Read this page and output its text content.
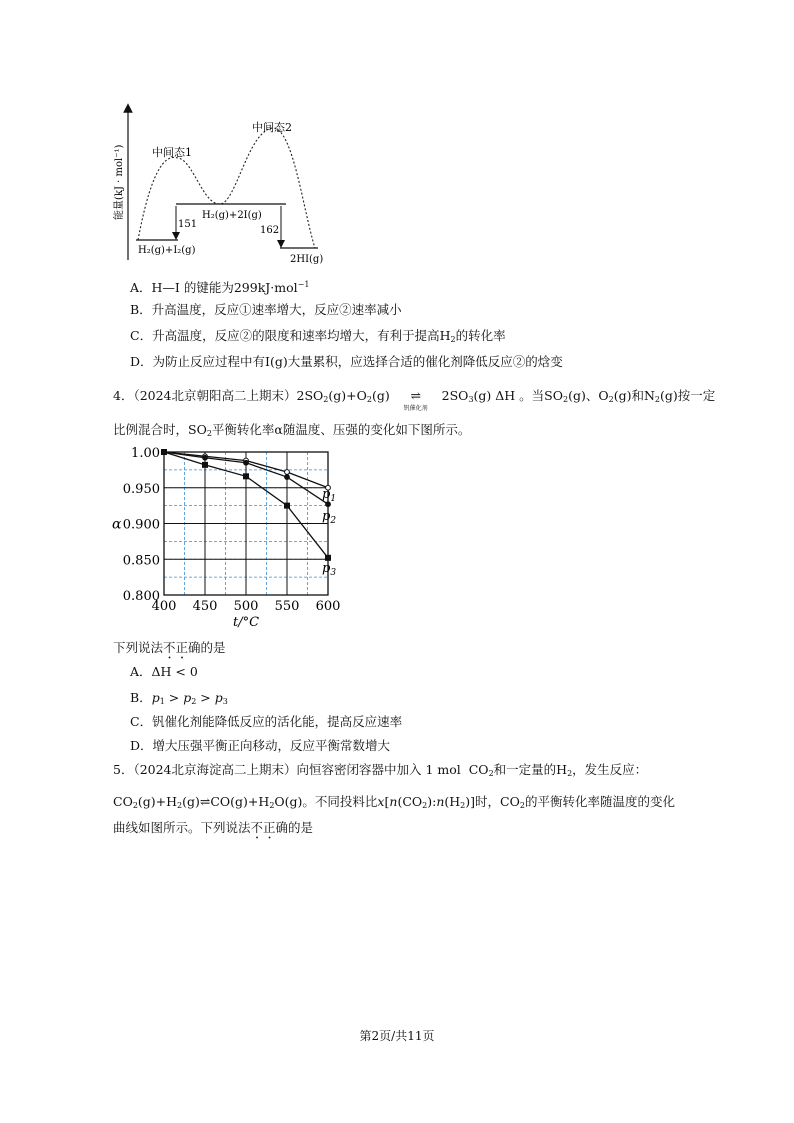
能量(kJ · mol⁻¹) 中间态1
中间态2
H₂(g)+I₂(g)
H₂(g)+2I(g)
2HI(g)
151
162
A．H—I 的键能为299kJ·mol$^{-1}$
B．升高温度，反应①速率增大，反应②速率减小
C．升高温度，反应②的限度和速率均增大，有利于提高$H_2$的转化率
D．为防止反应过程中有I(g)大量累积，应选择合适的催化剂降低反应②的焓变
4．（2024北京朝阳高二上期末）$2SO_2(g)+O_2(g)$ ⇌
钒催化剂
$2SO_3(g)$ ΔH 。当$SO_2(g)$、$O_2(g)$和$N_2(g)$按一定
比例混合时，$SO_2$平衡转化率α随温度、压强的变化如下图所示。
400 450 500 550 600
1.00
0.950
0.900
0.850
0.800
t/°C
α
$p_1$
$p_2$
$p_3$
下列说法不正确的是
A．ΔH < 0
B．$p_1 > p_2 > p_3$
C．钒催化剂能降低反应的活化能，提高反应速率
D．增大压强平衡正向移动，反应平衡常数增大
5．（2024北京海淀高二上期末）向恒容密闭容器中加入 1 mol  $CO_2$和一定量的$H_2$，发生反应：
$CO_2(g)+H_2(g)\rightleftharpoons CO(g)+H_2O(g)$。不同投料比$x[n(CO_2):n(H_2)]$时，$CO_2$的平衡转化率随温度的变化
曲线如图所示。下列说法不正确的是
第2页/共11页
